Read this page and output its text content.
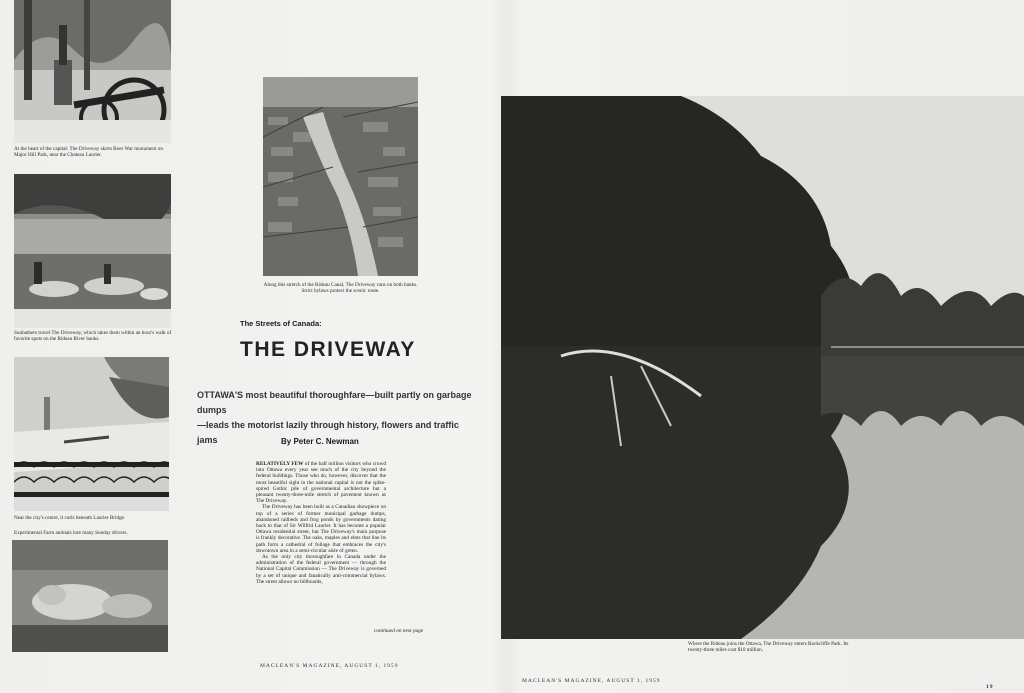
At the heart of the capital: The Driveway skirts Boer War monument on Major Hill Park, near the Chateau Laurier.
Sunbathers travel The Driveway, which takes them within an hour's walk of favorite spots on the Rideau River banks.
Near the city's centre, it curls beneath Laurier Bridge.
Experimental Farm animals lure many Sunday drivers.
Along this stretch of the Rideau Canal, The Driveway runs on both banks. Strict bylaws protect the scenic route.
The Streets of Canada:
THE DRIVEWAY
OTTAWA'S most beautiful thoroughfare—built partly on garbage dumps
—leads the motorist lazily through history, flowers and traffic jams	By Peter C. Newman

RELATIVELY FEW of the half million visitors who crowd into Ottawa every year see much of the city beyond the federal buildings. Those who do, however, discover that the most beautiful sight in the national capital is not the spike-spired Gothic pile of governmental architecture but a pleasant twenty-three-mile stretch of pavement known as The Driveway.

The Driveway has been built as a Canadian showpiece on top of a series of former municipal garbage dumps, abandoned railbeds and frog ponds by governments dating back to that of Sir Wilfrid Laurier. It has become a popular Ottawa residential street, but The Driveway's main purpose is frankly decorative. The oaks, maples and elms that line its path form a cathedral of foliage that embraces the city's downtown area in a semi-circular aisle of green.

As the only city thoroughfare in Canada under the administration of the federal government — through the National Capital Commission — The Driveway is governed by a set of unique and fanatically anti-commercial bylaws. The street allows no billboards,

continued on next page
Where the Rideau joins the Ottawa, The Driveway enters Rockcliffe Park. Its twenty-three miles cost $10 million.
MACLEAN'S MAGAZINE, AUGUST 1, 1959
MACLEAN'S MAGAZINE, AUGUST 1, 1959
19
